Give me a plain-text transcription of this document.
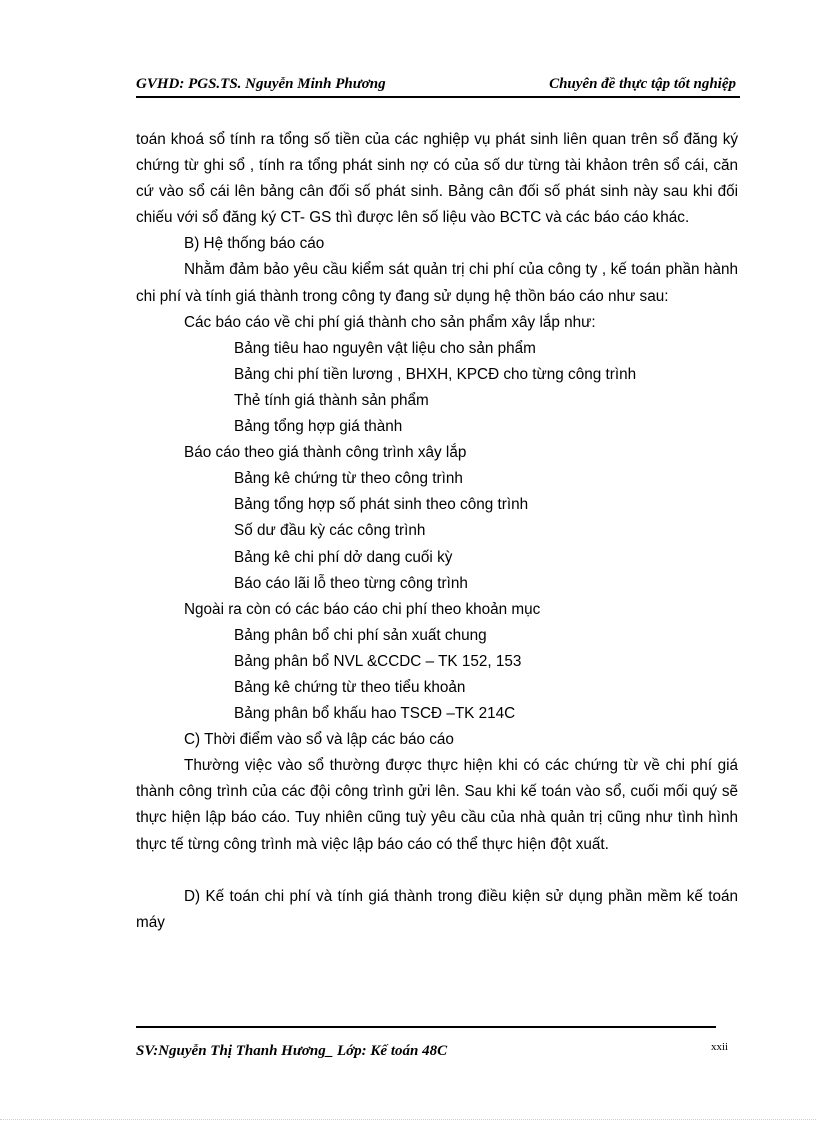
GVHD: PGS.TS. Nguyễn Minh Phương	Chuyên đề thực tập tốt nghiệp

toán khoá sổ tính ra tổng số tiền của các nghiệp vụ phát sinh liên quan trên sổ đăng ký chứng từ ghi sổ , tính ra tổng phát sinh nợ có của số dư từng tài khảon trên sổ cái, căn cứ vào sổ cái lên bảng cân đối số phát sinh. Bảng cân đối số phát sinh này sau khi đối chiếu với sổ đăng ký CT- GS thì được lên số liệu vào BCTC và các báo cáo khác.

B) Hệ thống báo cáo

Nhằm đảm bảo yêu cầu kiểm sát quản trị chi phí của công ty , kế toán phần hành chi phí và tính giá thành trong công ty đang sử dụng hệ thồn báo cáo như sau:

Các báo cáo về chi phí giá thành cho sản phẩm xây lắp như:

Bảng tiêu hao nguyên vật liệu cho sản phẩm

Bảng chi phí tiền lương , BHXH, KPCĐ cho từng công trình

Thẻ tính giá thành sản phẩm

Bảng tổng hợp giá thành

Báo cáo theo giá thành công trình xây lắp

Bảng kê chứng từ theo công trình

Bảng tổng hợp số phát sinh theo công trình

Số dư đầu kỳ các công trình

Bảng kê chi phí dở dang cuối kỳ

Báo cáo lãi lỗ theo từng công trình

Ngoài ra còn có các báo cáo chi phí theo khoản mục

Bảng phân bổ chi phí sản xuất chung

Bảng phân bổ NVL &CCDC – TK 152, 153

Bảng kê chứng từ theo tiểu khoản

Bảng phân bổ khấu hao TSCĐ –TK 214C

C) Thời điểm vào sổ và lập các báo cáo

Thường việc vào sổ thường được thực hiện khi có các chứng từ về chi phí giá thành công trình của các đội công trình gửi lên. Sau khi kế toán vào sổ, cuối mối quý sẽ thực hiện lập báo cáo. Tuy nhiên cũng tuỳ yêu cầu của nhà quản trị cũng như tình hình thực tế từng công trình mà việc lập báo cáo có thể thực hiện đột xuất.

D) Kế toán chi phí và tính giá thành trong điều kiện sử dụng phần mềm kế toán máy

SV:Nguyễn Thị Thanh Hương_ Lớp: Kế toán 48C	xxii
